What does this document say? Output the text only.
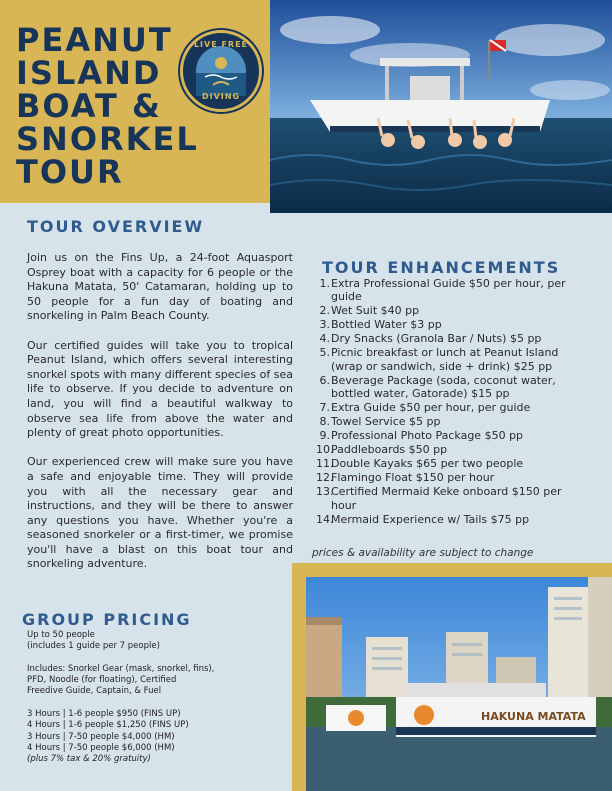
PEANUT
ISLAND
BOAT &
SNORKEL
TOUR
LIVE FREE
DIVING
TOUR OVERVIEW

Join us on the Fins Up, a 24-foot Aquasport Osprey boat with a capacity for 6 people or the Hakuna Matata, 50' Catamaran, holding up to 50 people for a fun day of boating and snorkeling in Palm Beach County.

Our certified guides will take you to tropical Peanut Island, which offers several interesting snorkel spots with many different species of sea life to observe. If you decide to adventure on land, you will find a beautiful walkway to observe sea life from above the water and plenty of great photo opportunities.

Our experienced crew will make sure you have a safe and enjoyable time. They will provide you with all the necessary gear and instructions, and they will be there to answer any questions you have. Whether you're a seasoned snorkeler or a first-timer, we promise you'll have a blast on this boat tour and snorkeling adventure.

TOUR ENHANCEMENTS
1. Extra Professional Guide $50 per hour, per guide
2. Wet Suit $40 pp
3. Bottled Water $3 pp
4. Dry Snacks (Granola Bar / Nuts) $5 pp
5. Picnic breakfast or lunch at Peanut Island (wrap or sandwich, side + drink) $25 pp
6. Beverage Package (soda, coconut water, bottled water, Gatorade) $15 pp
7. Extra Guide $50 per hour, per guide
8. Towel Service $5 pp
9. Professional Photo Package $50 pp
10.
Paddleboards $50 pp
11.
Double Kayaks $65 per two people
12.
Flamingo Float $150 per hour
13.
Certified Mermaid Keke onboard $150 per hour
14.
Mermaid Experience w/ Tails $75 pp
prices & availability are subject to change
GROUP PRICING
Up to 50 people
(includes 1 guide per 7 people)
Includes: Snorkel Gear (mask, snorkel, fins),
PFD, Noodle (for floating), Certified
Freedive Guide, Captain, & Fuel
3 Hours | 1-6 people $950 (FINS UP)
4 Hours | 1-6 people $1,250 (FINS UP)
3 Hours | 7-50 people $4,000 (HM)
4 Hours | 7-50 people $6,000 (HM)
(plus 7% tax & 20% gratuity)
HAKUNA MATATA
